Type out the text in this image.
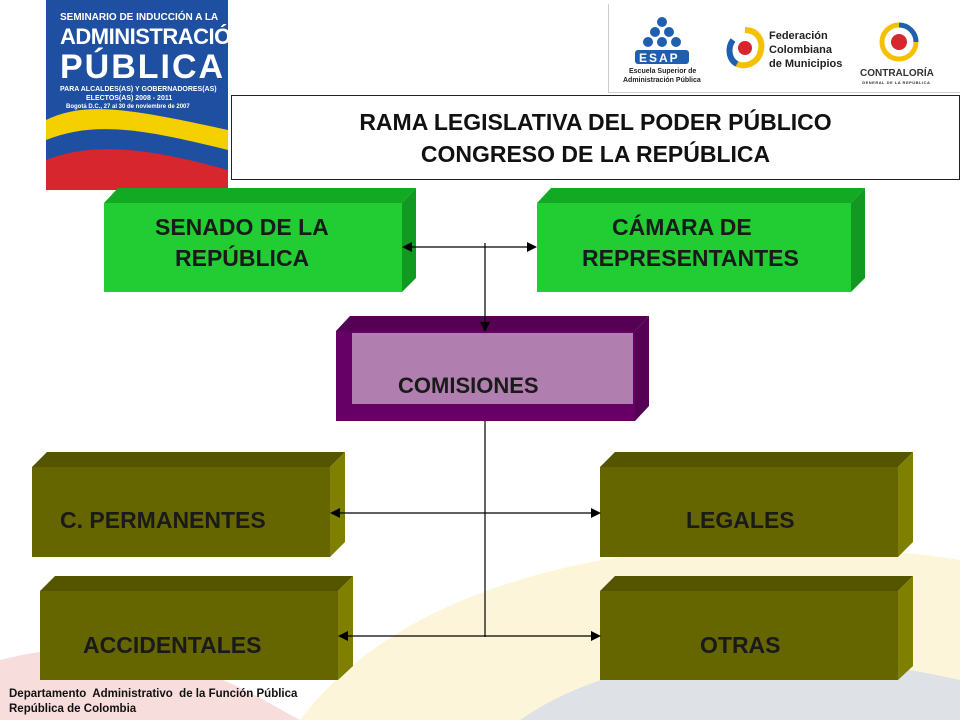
SEMINARIO DE INDUCCIÓN A LA
ADMINISTRACIÓN
PÚBLICA
PARA ALCALDES(AS) Y GOBERNADORES(AS)
ELECTOS(AS) 2008 - 2011
Bogotá D.C., 27 al 30 de noviembre de 2007
ESAP
Escuela Superior de
Administración Pública
Federación
Colombiana
de Municipios
CONTRALORÍA
GENERAL DE LA REPÚBLICA
RAMA LEGISLATIVA DEL PODER PÚBLICO
CONGRESO DE LA REPÚBLICA
SENADO DE LA
REPÚBLICA
CÁMARA DE
REPRESENTANTES
COMISIONES
C. PERMANENTES	LEGALES
ACCIDENTALES	OTRAS
Departamento  Administrativo  de la Función Pública
República de Colombia
